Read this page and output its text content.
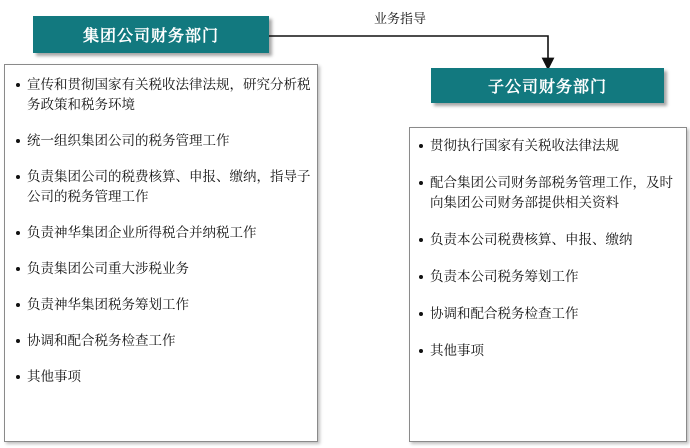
业务指导
集团公司财务部门
宣传和贯彻国家有关税收法律法规，研究分析税务政策和税务环境
统一组织集团公司的税务管理工作
负责集团公司的税费核算、申报、缴纳，指导子公司的税务管理工作
负责神华集团企业所得税合并纳税工作
负责集团公司重大涉税业务
负责神华集团税务筹划工作
协调和配合税务检查工作
其他事项
子公司财务部门
贯彻执行国家有关税收法律法规
配合集团公司财务部税务管理工作，及时向集团公司财务部提供相关资料
负责本公司税费核算、申报、缴纳
负责本公司税务筹划工作
协调和配合税务检查工作
其他事项
